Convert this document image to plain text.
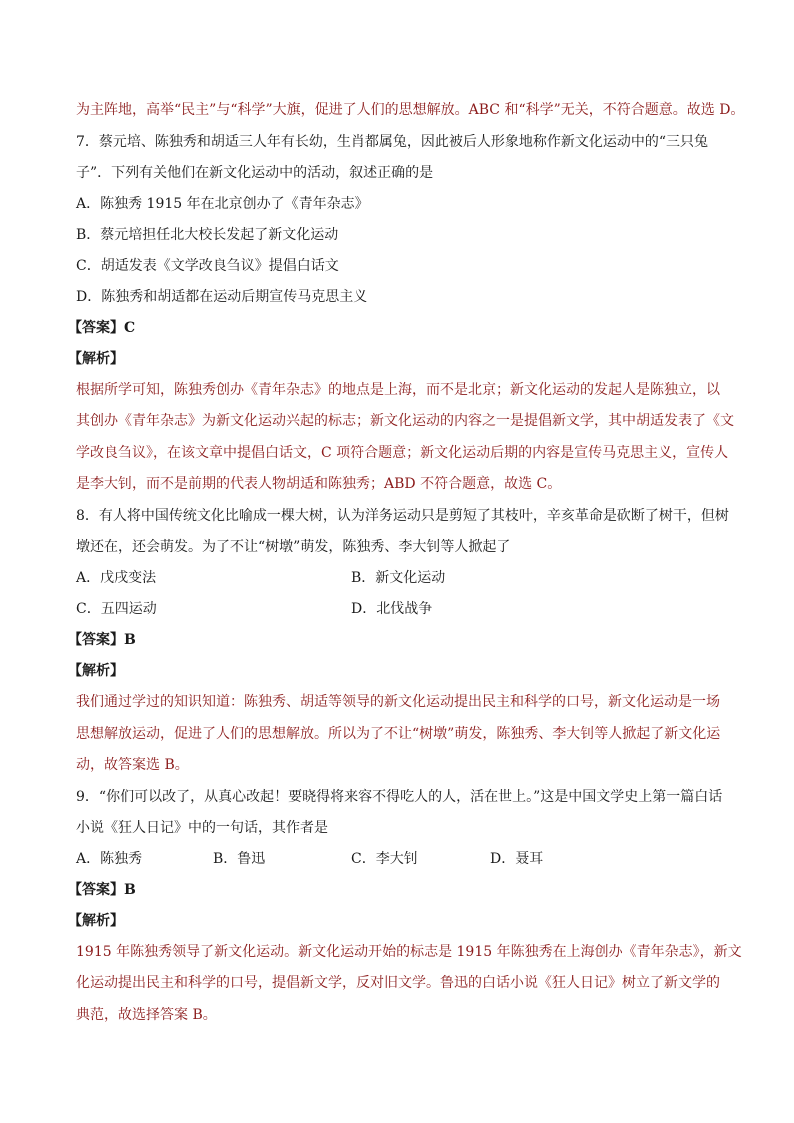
为主阵地，高举“民主”与“科学”大旗，促进了人们的思想解放。ABC 和“科学”无关，不符合题意。故选 D。
7．蔡元培、陈独秀和胡适三人年有长幼，生肖都属兔，因此被后人形象地称作新文化运动中的“三只兔
子”．下列有关他们在新文化运动中的活动，叙述正确的是
A．陈独秀 1915 年在北京创办了《青年杂志》
B．蔡元培担任北大校长发起了新文化运动
C．胡适发表《文学改良刍议》提倡白话文
D．陈独秀和胡适都在运动后期宣传马克思主义
【答案】C
【解析】
根据所学可知，陈独秀创办《青年杂志》的地点是上海，而不是北京；新文化运动的发起人是陈独立，以
其创办《青年杂志》为新文化运动兴起的标志；新文化运动的内容之一是提倡新文学，其中胡适发表了《文
学改良刍议》，在该文章中提倡白话文，C 项符合题意；新文化运动后期的内容是宣传马克思主义，宣传人
是李大钊，而不是前期的代表人物胡适和陈独秀；ABD 不符合题意，故选 C。
8．有人将中国传统文化比喻成一棵大树，认为洋务运动只是剪短了其枝叶，辛亥革命是砍断了树干，但树
墩还在，还会萌发。为了不让“树墩”萌发，陈独秀、李大钊等人掀起了
A．戊戌变法	B．新文化运动
C．五四运动	D．北伐战争
【答案】B
【解析】
我们通过学过的知识知道：陈独秀、胡适等领导的新文化运动提出民主和科学的口号，新文化运动是一场
思想解放运动，促进了人们的思想解放。所以为了不让“树墩”萌发，陈独秀、李大钊等人掀起了新文化运
动，故答案选 B。
9．“你们可以改了，从真心改起！要晓得将来容不得吃人的人，活在世上。”这是中国文学史上第一篇白话
小说《狂人日记》中的一句话，其作者是
A．陈独秀	B．鲁迅	C．李大钊	D．聂耳
【答案】B
【解析】
1915 年陈独秀领导了新文化运动。新文化运动开始的标志是 1915 年陈独秀在上海创办《青年杂志》，新文
化运动提出民主和科学的口号，提倡新文学，反对旧文学。鲁迅的白话小说《狂人日记》树立了新文学的
典范，故选择答案 B。
